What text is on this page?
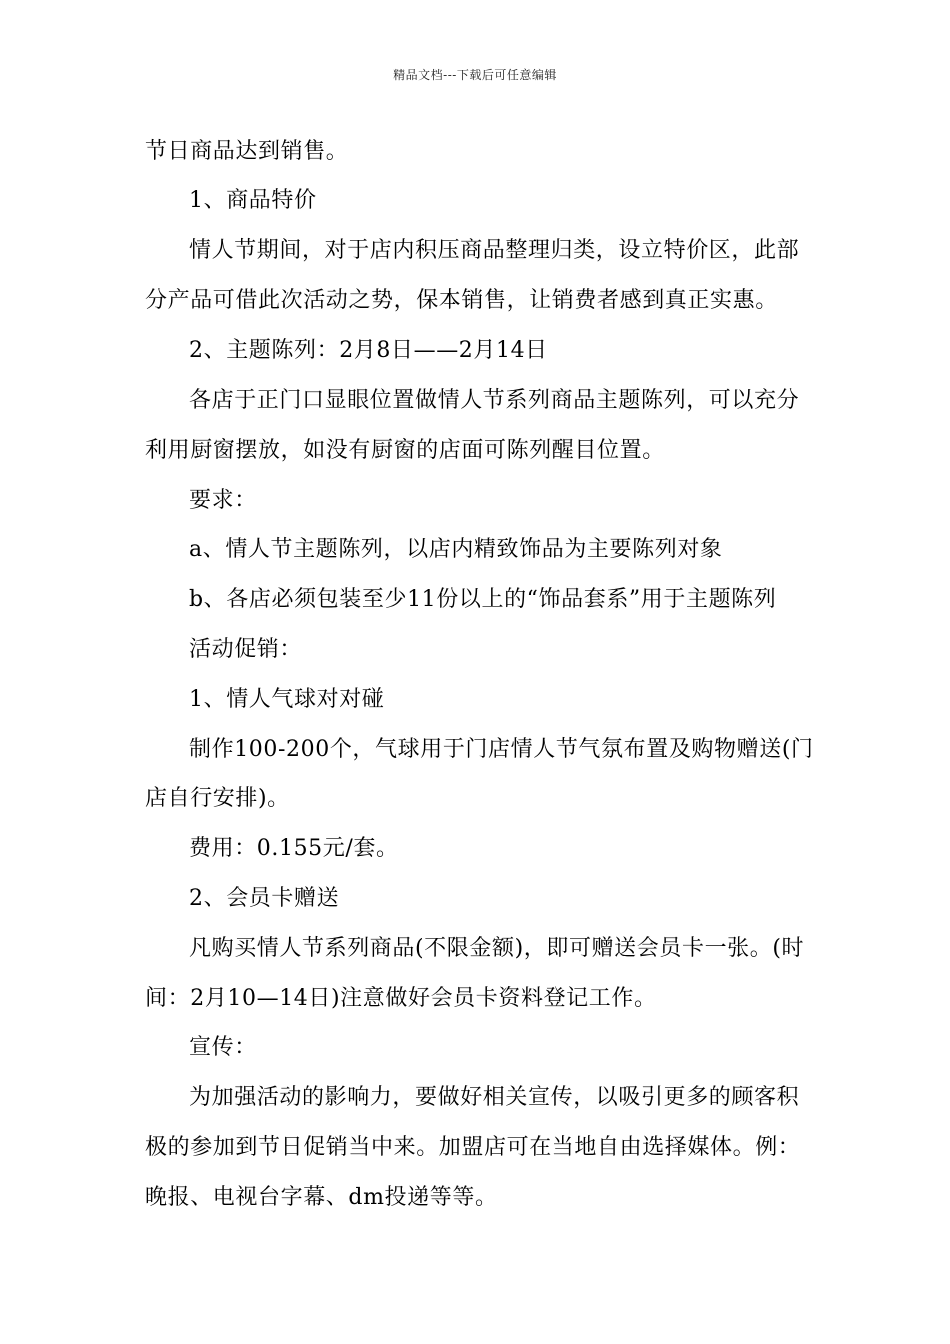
精品文档---下载后可任意编辑
节日商品达到销售。
1、商品特价
情人节期间，对于店内积压商品整理归类，设立特价区，此部
分产品可借此次活动之势，保本销售，让销费者感到真正实惠。
2、主题陈列：2月8日——2月14日
各店于正门口显眼位置做情人节系列商品主题陈列，可以充分
利用厨窗摆放，如没有厨窗的店面可陈列醒目位置。
要求：
a、情人节主题陈列，以店内精致饰品为主要陈列对象
b、各店必须包装至少11份以上的“饰品套系”用于主题陈列
活动促销：
1、情人气球对对碰
制作100-200个，气球用于门店情人节气氛布置及购物赠送(门
店自行安排)。
费用：0.155元/套。
2、会员卡赠送
凡购买情人节系列商品(不限金额)，即可赠送会员卡一张。(时
间：2月10—14日)注意做好会员卡资料登记工作。
宣传：
为加强活动的影响力，要做好相关宣传，以吸引更多的顾客积
极的参加到节日促销当中来。加盟店可在当地自由选择媒体。例：
晚报、电视台字幕、dm投递等等。
